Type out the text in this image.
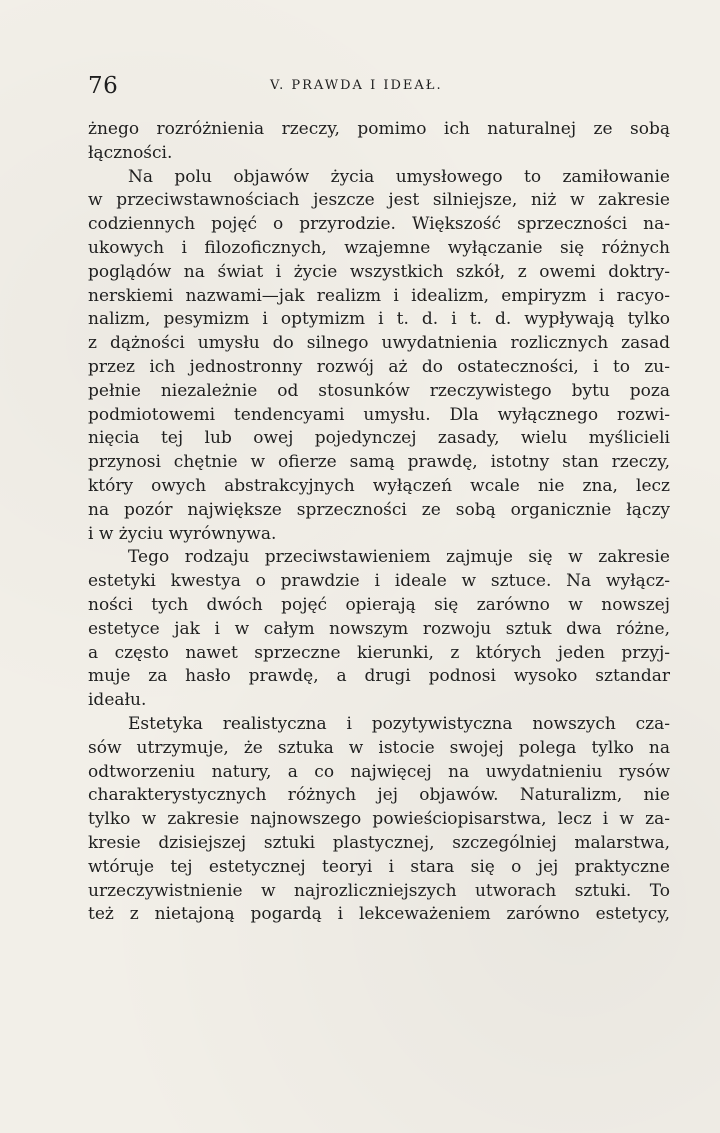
76	V. PRAWDA I IDEAŁ.
żnego rozróżnienia rzeczy, pomimo ich naturalnej ze sobą
łączności.
Na polu objawów życia umysłowego to zamiłowanie
w przeciwstawnościach jeszcze jest silniejsze, niż w zakresie
codziennych pojęć o przyrodzie. Większość sprzeczności na-
ukowych i filozoficznych, wzajemne wyłączanie się różnych
poglądów na świat i życie wszystkich szkół, z owemi doktry-
nerskiemi nazwami—jak realizm i idealizm, empiryzm i racyo-
nalizm, pesymizm i optymizm i t. d. i t. d. wypływają tylko
z dążności umysłu do silnego uwydatnienia rozlicznych zasad
przez ich jednostronny rozwój aż do ostateczności, i to zu-
pełnie niezależnie od stosunków rzeczywistego bytu poza
podmiotowemi tendencyami umysłu. Dla wyłącznego rozwi-
nięcia tej lub owej pojedynczej zasady, wielu myślicieli
przynosi chętnie w ofierze samą prawdę, istotny stan rzeczy,
który owych abstrakcyjnych wyłączeń wcale nie zna, lecz
na pozór największe sprzeczności ze sobą organicznie łączy
i w życiu wyrównywa.
Tego rodzaju przeciwstawieniem zajmuje się w zakresie
estetyki kwestya o prawdzie i ideale w sztuce. Na wyłącz-
ności tych dwóch pojęć opierają się zarówno w nowszej
estetyce jak i w całym nowszym rozwoju sztuk dwa różne,
a często nawet sprzeczne kierunki, z których jeden przyj-
muje za hasło prawdę, a drugi podnosi wysoko sztandar
ideału.
Estetyka realistyczna i pozytywistyczna nowszych cza-
sów utrzymuje, że sztuka w istocie swojej polega tylko na
odtworzeniu natury, a co najwięcej na uwydatnieniu rysów
charakterystycznych różnych jej objawów. Naturalizm, nie
tylko w zakresie najnowszego powieściopisarstwa, lecz i w za-
kresie dzisiejszej sztuki plastycznej, szczególniej malarstwa,
wtóruje tej estetycznej teoryi i stara się o jej praktyczne
urzeczywistnienie w najrozliczniejszych utworach sztuki. To
też z nietajoną pogardą i lekceważeniem zarówno estetycy,
